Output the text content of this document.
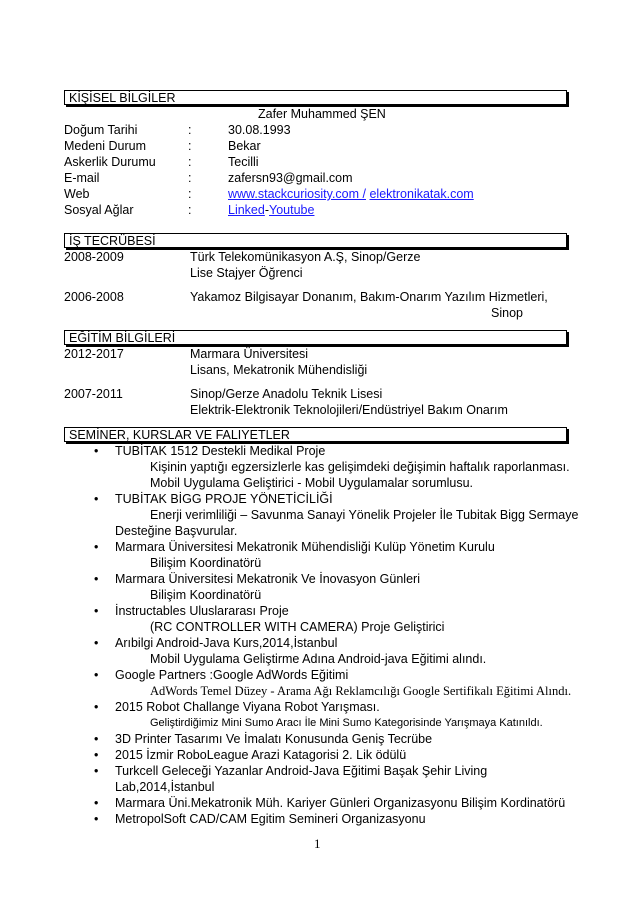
KİŞİSEL BİLGİLER
Zafer Muhammed ŞEN
Doğum Tarihi	:	30.08.1993
Medeni Durum	:	Bekar
Askerlik Durumu	:	Tecilli
E-mail	:	zafersn93@gmail.com
Web	:	www.stackcuriosity.com / elektronikatak.com
Sosyal Ağlar	:	Linked-Youtube
İŞ TECRÜBESİ
2008-2009	Türk Telekomünikasyon A.Ş, Sinop/Gerze
Lise Stajyer Öğrenci
2006-2008	Yakamoz Bilgisayar Donanım, Bakım-Onarım Yazılım Hizmetleri,
Sinop
EĞİTİM BİLGİLERİ
2012-2017	Marmara Üniversitesi
Lisans, Mekatronik Mühendisliği
2007-2011	Sinop/Gerze Anadolu Teknik Lisesi
Elektrik-Elektronik Teknolojileri/Endüstriyel Bakım Onarım
SEMİNER, KURSLAR VE FALIYETLER
• TUBİTAK 1512 Destekli Medikal Proje
Kişinin yaptığı egzersizlerle kas gelişimdeki değişimin haftalık raporlanması.
Mobil Uygulama Geliştirici - Mobil Uygulamalar sorumlusu.
• TUBİTAK BİGG PROJE YÖNETİCİLİĞİ
Enerji verimliliği – Savunma Sanayi Yönelik Projeler İle Tubitak Bigg Sermaye
Desteğine Başvurular.
• Marmara Üniversitesi Mekatronik Mühendisliği Kulüp Yönetim Kurulu
Bilişim Koordinatörü
• Marmara Üniversitesi Mekatronik Ve İnovasyon Günleri
Bilişim Koordinatörü
• İnstructables Uluslararası Proje
(RC CONTROLLER WITH CAMERA) Proje Geliştirici
• Arıbilgi Android-Java Kurs,2014,İstanbul
Mobil Uygulama Geliştirme Adına Android-java Eğitimi alındı.
• Google Partners :Google AdWords Eğitimi
AdWords Temel Düzey - Arama Ağı Reklamcılığı Google Sertifikalı Eğitimi Alındı.
• 2015 Robot Challange Viyana Robot Yarışması.
Geliştirdiğimiz Mini Sumo Aracı İle Mini Sumo Kategorisinde Yarışmaya Katınıldı.
• 3D Printer Tasarımı Ve İmalatı Konusunda Geniş Tecrübe
• 2015 İzmir RoboLeague Arazi Katagorisi 2. Lik ödülü
• Turkcell Geleceği Yazanlar Android-Java Eğitimi Başak Şehir Living
Lab,2014,İstanbul
• Marmara Üni.Mekatronik Müh. Kariyer Günleri Organizasyonu Bilişim Kordinatörü
• MetropolSoft CAD/CAM Egitim Semineri Organizasyonu
1
